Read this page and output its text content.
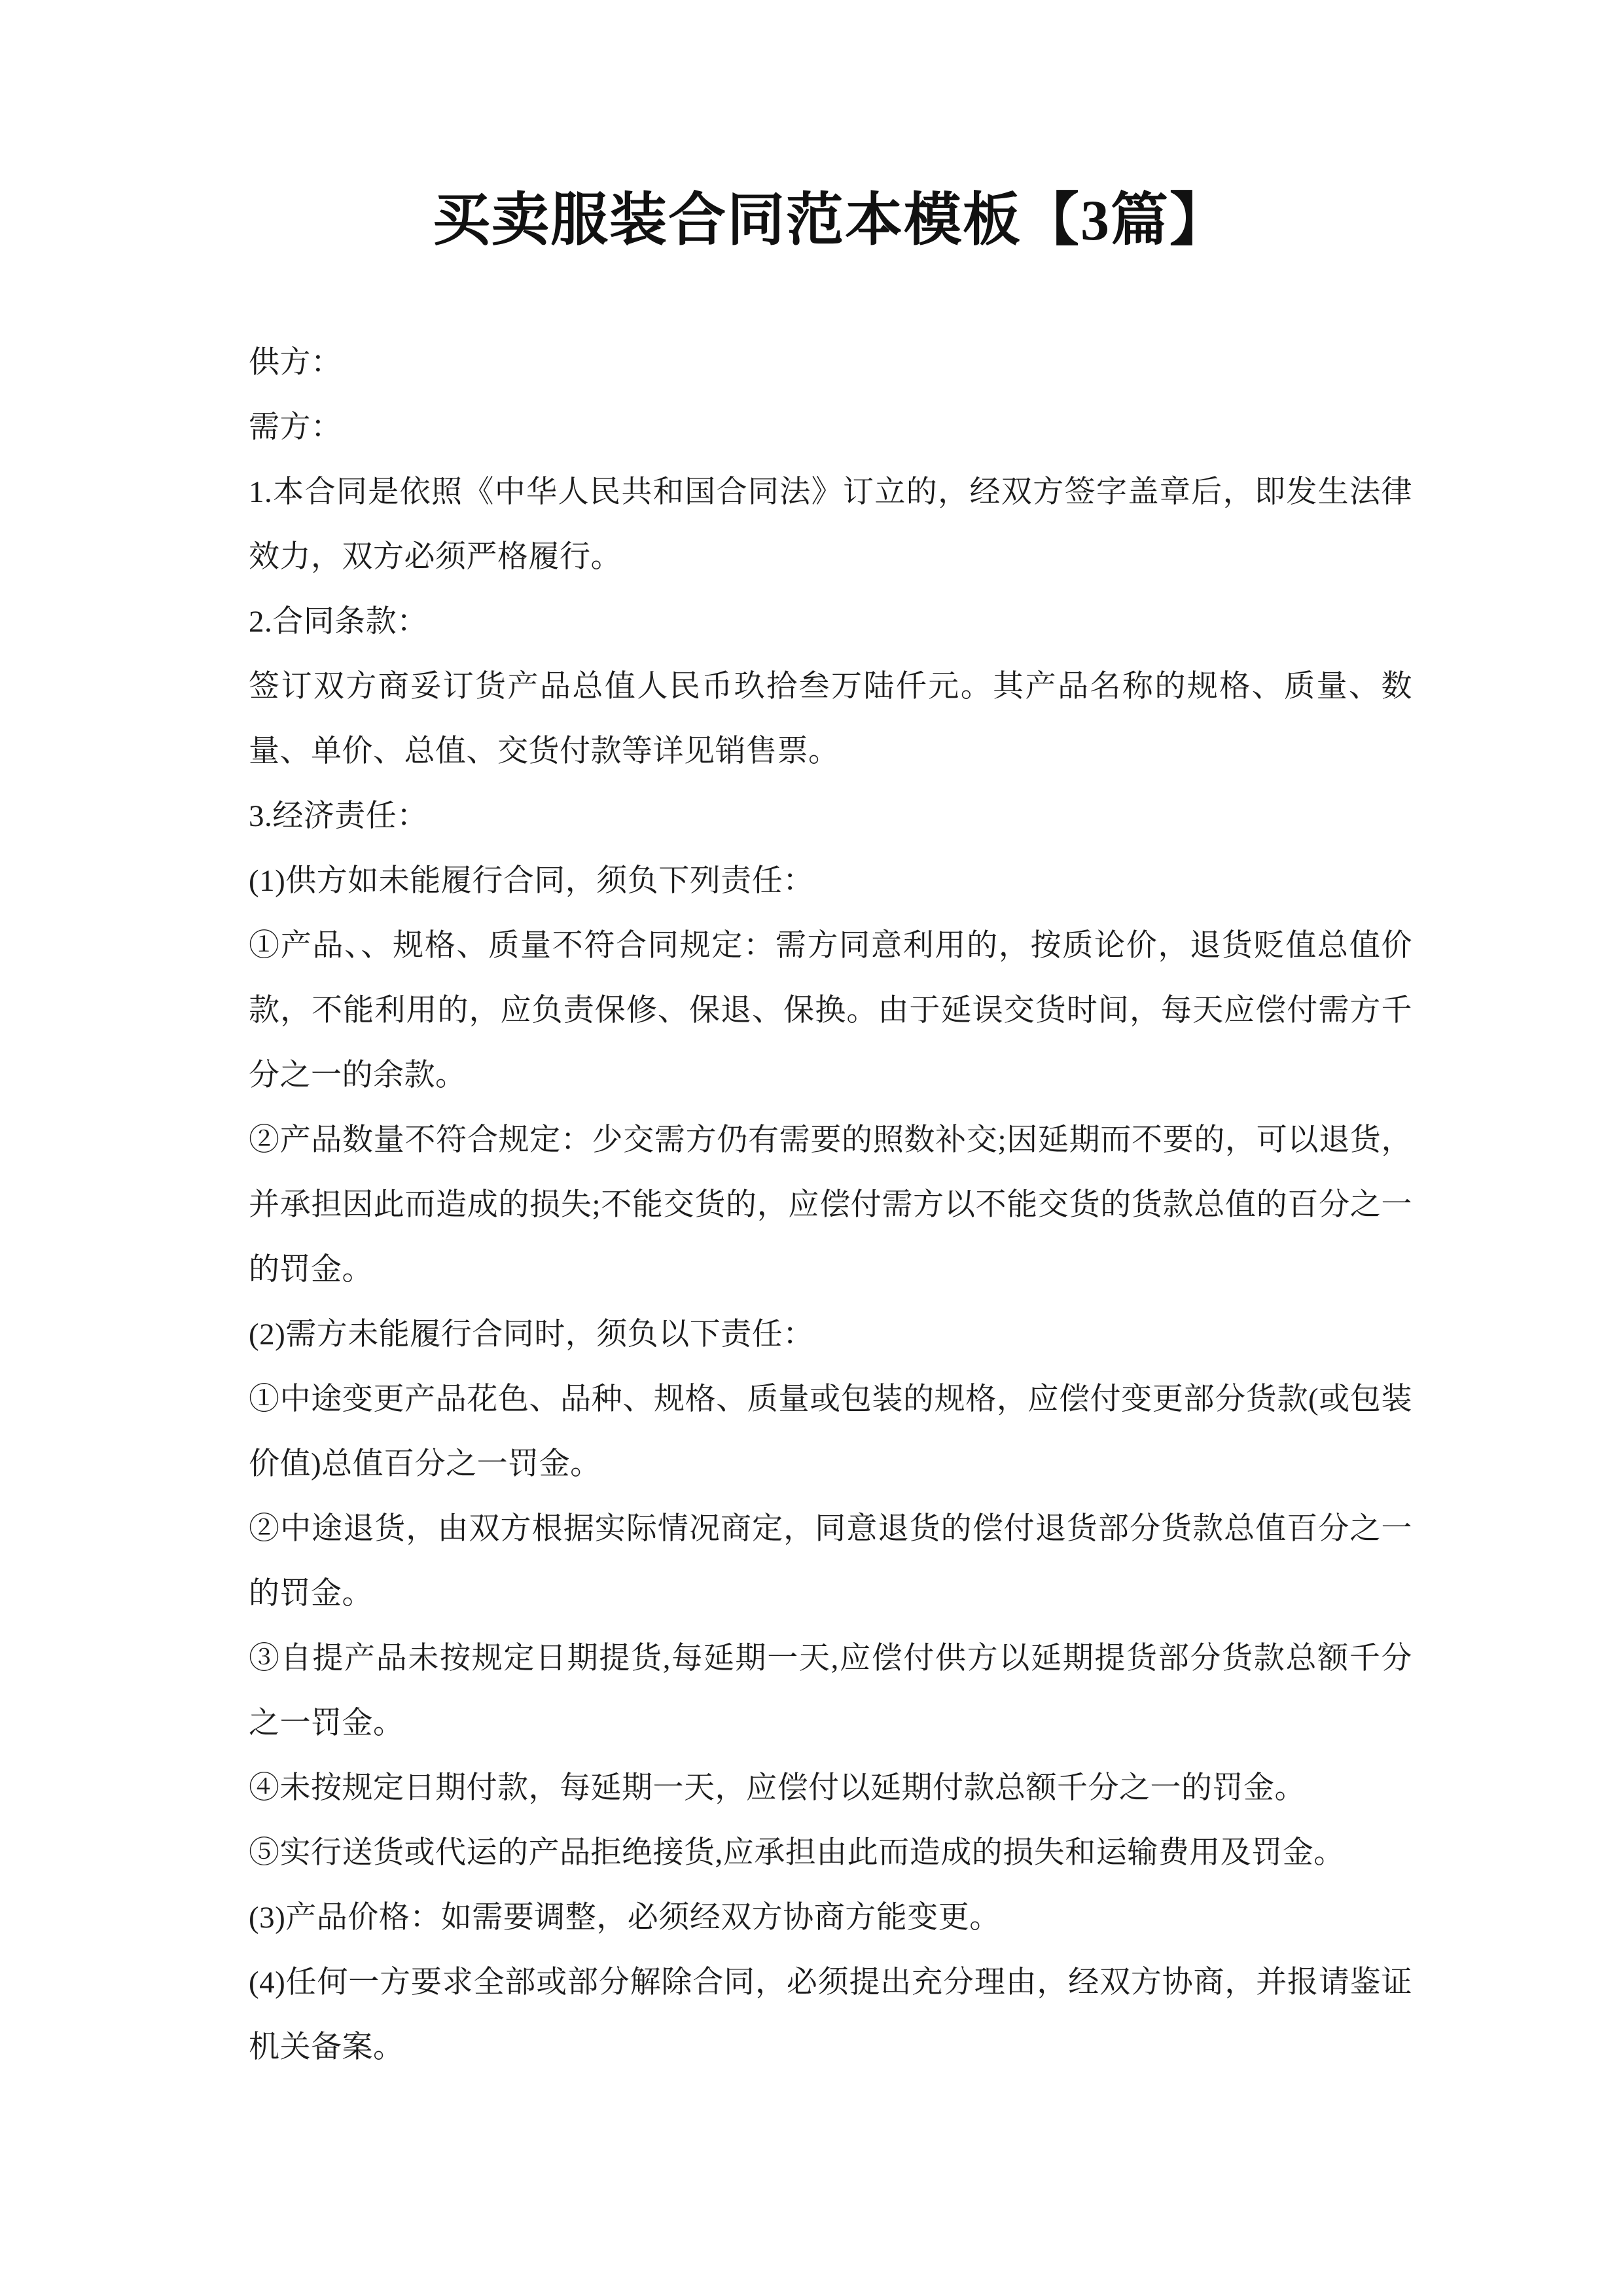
买卖服装合同范本模板【3篇】

供方：

需方：

1.本合同是依照《中华人民共和国合同法》订立的，经双方签字盖章后，即发生法律效力，双方必须严格履行。

2.合同条款：

签订双方商妥订货产品总值人民币玖拾叁万陆仟元。其产品名称的规格、质量、数量、单价、总值、交货付款等详见销售票。

3.经济责任：

(1)供方如未能履行合同，须负下列责任：

①产品、、规格、质量不符合同规定：需方同意利用的，按质论价，退货贬值总值价款，不能利用的，应负责保修、保退、保换。由于延误交货时间，每天应偿付需方千分之一的余款。

②产品数量不符合规定：少交需方仍有需要的照数补交;因延期而不要的，可以退货，并承担因此而造成的损失;不能交货的，应偿付需方以不能交货的货款总值的百分之一的罚金。

(2)需方未能履行合同时，须负以下责任：

①中途变更产品花色、品种、规格、质量或包装的规格，应偿付变更部分货款(或包装价值)总值百分之一罚金。

②中途退货，由双方根据实际情况商定，同意退货的偿付退货部分货款总值百分之一的罚金。

③自提产品未按规定日期提货,每延期一天,应偿付供方以延期提货部分货款总额千分之一罚金。

④未按规定日期付款，每延期一天，应偿付以延期付款总额千分之一的罚金。

⑤实行送货或代运的产品拒绝接货,应承担由此而造成的损失和运输费用及罚金。

(3)产品价格：如需要调整，必须经双方协商方能变更。

(4)任何一方要求全部或部分解除合同，必须提出充分理由，经双方协商，并报请鉴证机关备案。
